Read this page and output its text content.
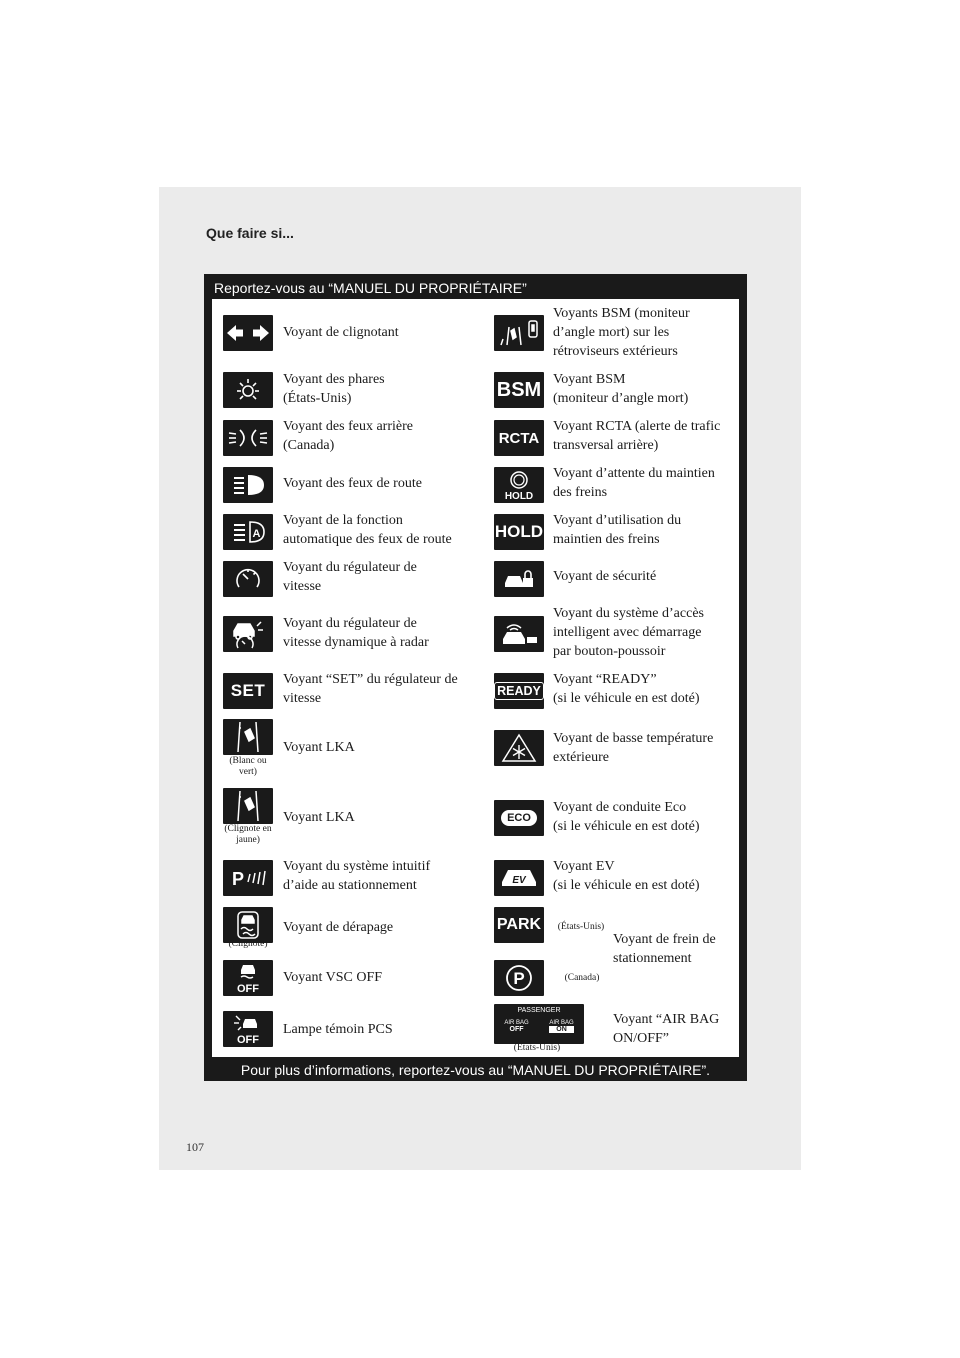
Que faire si...
Reportez-vous au “MANUEL DU PROPRIÉTAIRE”
Pour plus d’informations, reportez-vous au “MANUEL DU PROPRIÉTAIRE”.
Voyant de clignotant
Voyant des phares
(États-Unis)
Voyant des feux arrière
(Canada)
Voyant des feux de route
A
Voyant de la fonction
automatique des feux de route
Voyant du régulateur de
vitesse
Voyant du régulateur de
vitesse dynamique à radar
SET
Voyant “SET” du régulateur de
vitesse
(Blanc ou
vert)
Voyant LKA
(Clignote en
jaune)
Voyant LKA
P
Voyant du système intuitif
d’aide au stationnement
(Clignote)
Voyant de dérapage
OFF
Voyant VSC OFF
OFF
Lampe témoin PCS
Voyants BSM (moniteur
d’angle mort) sur les
rétroviseurs extérieurs
BSM Voyant BSM
(moniteur d’angle mort)
RCTA
Voyant RCTA (alerte de trafic
transversal arrière)
HOLD
Voyant d’attente du maintien
des freins
HOLD
Voyant d’utilisation du
maintien des freins
Voyant de sécurité
Voyant du système d’accès
intelligent avec démarrage
par bouton-poussoir
READY
Voyant “READY”
(si le véhicule en est doté)
Voyant de basse température
extérieure
ECO
Voyant de conduite Eco
(si le véhicule en est doté)
EV
Voyant EV
(si le véhicule en est doté)
PARK	(États-Unis)
Voyant de frein de
stationnement
P	(Canada)
PASSENGER
AIR BAG
OFF
AIR BAG
ON
(États-Unis)
Voyant “AIR BAG
ON/OFF”
107
